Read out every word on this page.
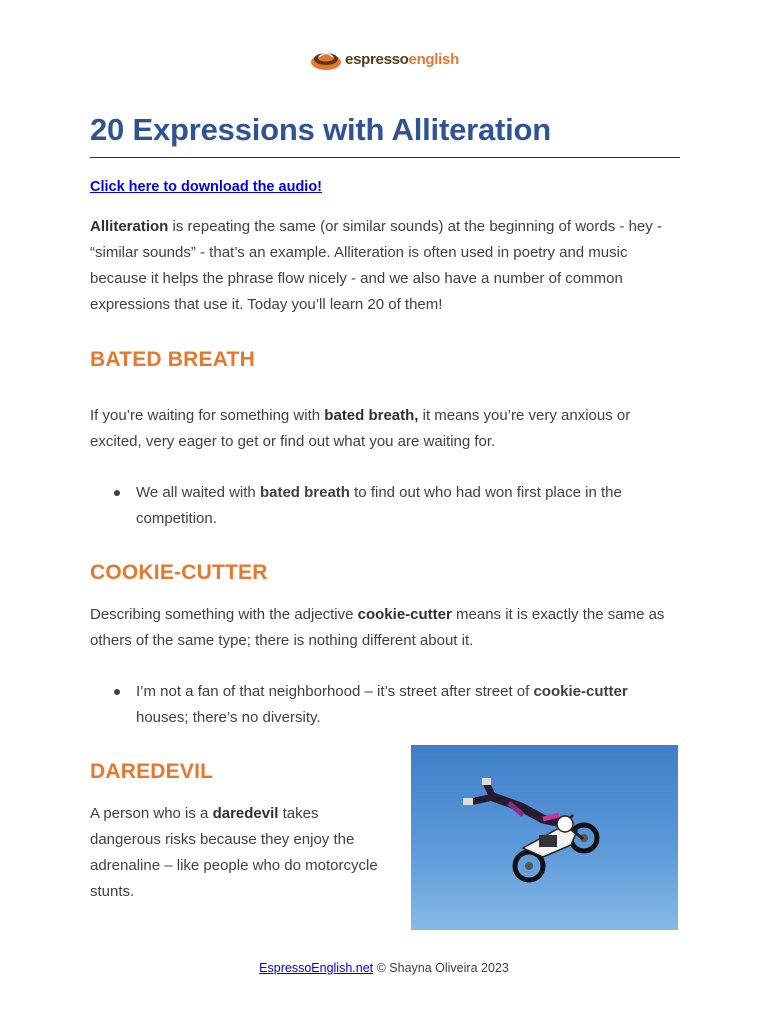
espressoenglish
20 Expressions with Alliteration
Click here to download the audio!

Alliteration is repeating the same (or similar sounds) at the beginning of words - hey - “similar sounds” - that’s an example. Alliteration is often used in poetry and music because it helps the phrase flow nicely - and we also have a number of common expressions that use it. Today you’ll learn 20 of them!

BATED BREATH

If you’re waiting for something with bated breath, it means you’re very anxious or excited, very eager to get or find out what you are waiting for.

We all waited with bated breath to find out who had won first place in the competition.
COOKIE-CUTTER

Describing something with the adjective cookie-cutter means it is exactly the same as others of the same type; there is nothing different about it.

I’m not a fan of that neighborhood – it’s street after street of cookie-cutter houses; there’s no diversity.
DAREDEVIL

A person who is a daredevil takes dangerous risks because they enjoy the adrenaline – like people who do motorcycle stunts.

EspressoEnglish.net © Shayna Oliveira 2023
